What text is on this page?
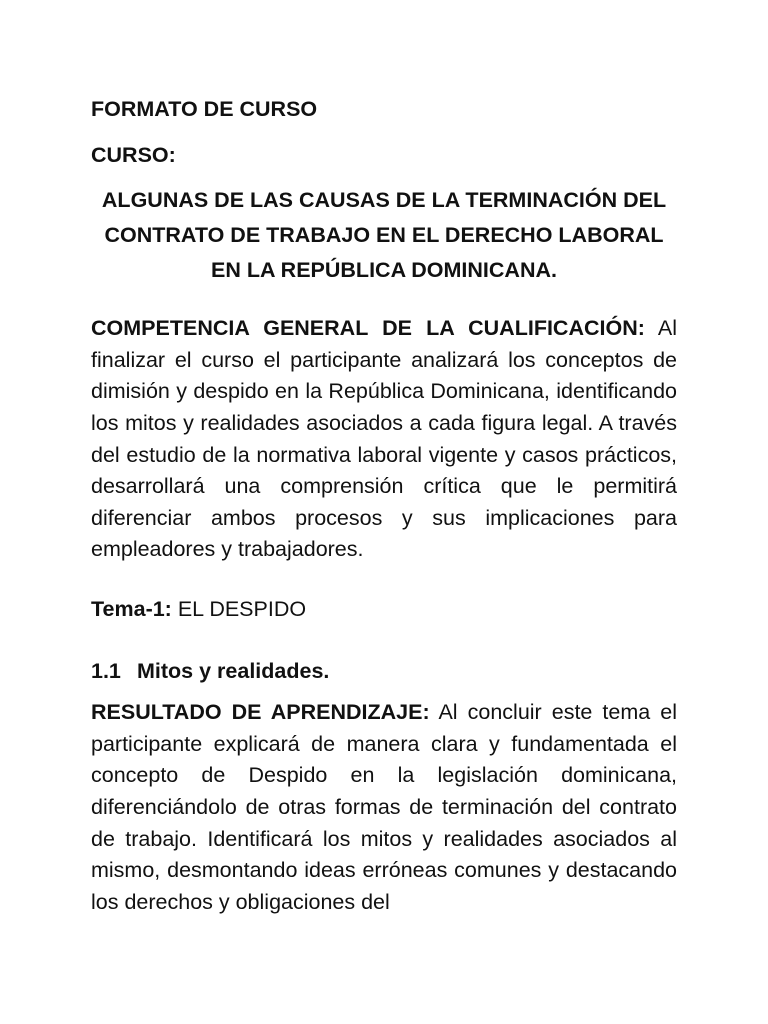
FORMATO DE CURSO

CURSO:

ALGUNAS DE LAS CAUSAS DE LA TERMINACIÓN DEL CONTRATO DE TRABAJO EN EL DERECHO LABORAL EN LA REPÚBLICA DOMINICANA.

COMPETENCIA GENERAL DE LA CUALIFICACIÓN: Al finalizar el curso el participante analizará los conceptos de dimisión y despido en la República Dominicana, identificando los mitos y realidades asociados a cada figura legal. A través del estudio de la normativa laboral vigente y casos prácticos, desarrollará una comprensión crítica que le permitirá diferenciar ambos procesos y sus implicaciones para empleadores y trabajadores.

Tema-1: EL DESPIDO

1.1 Mitos y realidades.

RESULTADO DE APRENDIZAJE: Al concluir este tema el participante explicará de manera clara y fundamentada el concepto de Despido en la legislación dominicana, diferenciándolo de otras formas de terminación del contrato de trabajo. Identificará los mitos y realidades asociados al mismo, desmontando ideas erróneas comunes y destacando los derechos y obligaciones del
